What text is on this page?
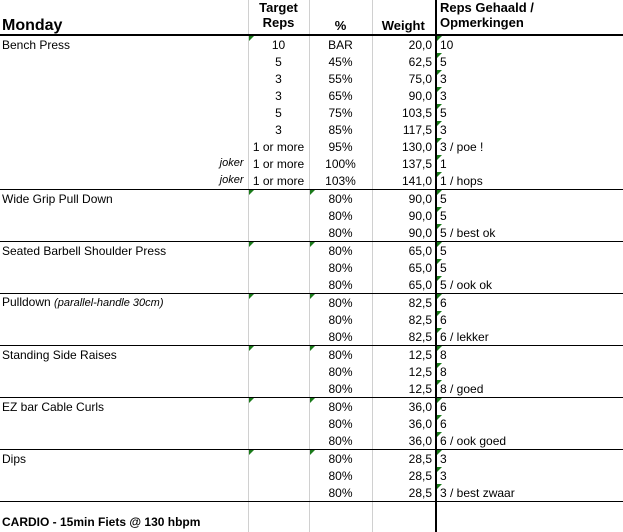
Monday	Target Reps	%	Weight	Reps Gehaald / Opmerkingen

Bench Press	10	BAR	20,0	10
	5	45%	62,5	5
	3	55%	75,0	3
	3	65%	90,0	3
	5	75%	103,5	5
	3	85%	117,5	3
	1 or more	95%	130,0	3 / poe !

joker	1 or more	100%	137,5	1

joker	1 or more	103%	141,0	1 / hops
Wide Grip Pull Down		80%	90,0	5
		80%	90,0	5
		80%	90,0	5 / best ok
Seated Barbell Shoulder Press		80%	65,0	5
		80%	65,0	5
		80%	65,0	5 / ook ok
Pulldown (parallel-handle 30cm)		80%	82,5	6
		80%	82,5	6
		80%	82,5	6 / lekker
Standing Side Raises		80%	12,5	8
		80%	12,5	8
		80%	12,5	8 / goed
EZ bar Cable Curls		80%	36,0	6
		80%	36,0	6
		80%	36,0	6 / ook goed
Dips		80%	28,5	3
		80%	28,5	3
		80%	28,5	3 / best zwaar

CARDIO - 15min Fiets @ 130 hbpm				
